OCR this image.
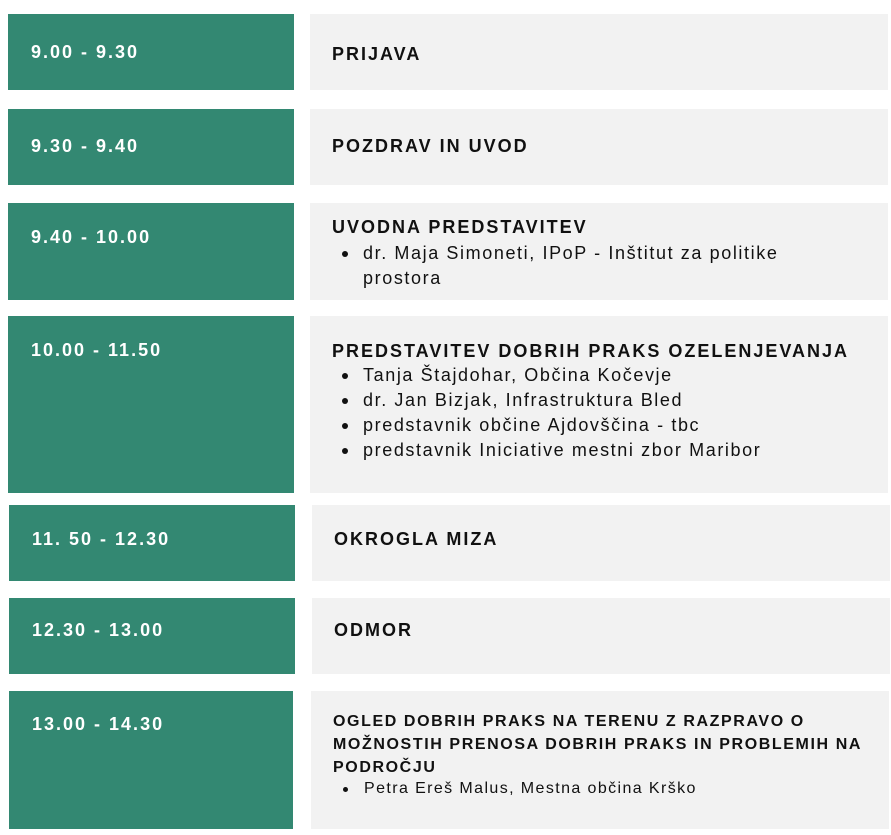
9.00 - 9.30	PRIJAVA
9.30 - 9.40	POZDRAV IN UVOD
9.40 - 10.00	UVODNA PREDSTAVITEV
dr. Maja Simoneti, IPoP - Inštitut za politike prostora
10.00 - 11.50	PREDSTAVITEV DOBRIH PRAKS OZELENJEVANJA
Tanja Štajdohar, Občina Kočevje
dr. Jan Bizjak, Infrastruktura Bled
predstavnik občine Ajdovščina - tbc
predstavnik Iniciative mestni zbor Maribor
11. 50 - 12.30	OKROGLA MIZA
12.30 - 13.00	ODMOR
13.00 - 14.30	OGLED DOBRIH PRAKS NA TERENU Z RAZPRAVO O MOŽNOSTIH PRENOSA DOBRIH PRAKS IN PROBLEMIH NA PODROČJU
Petra Ereš Malus, Mestna občina Krško
